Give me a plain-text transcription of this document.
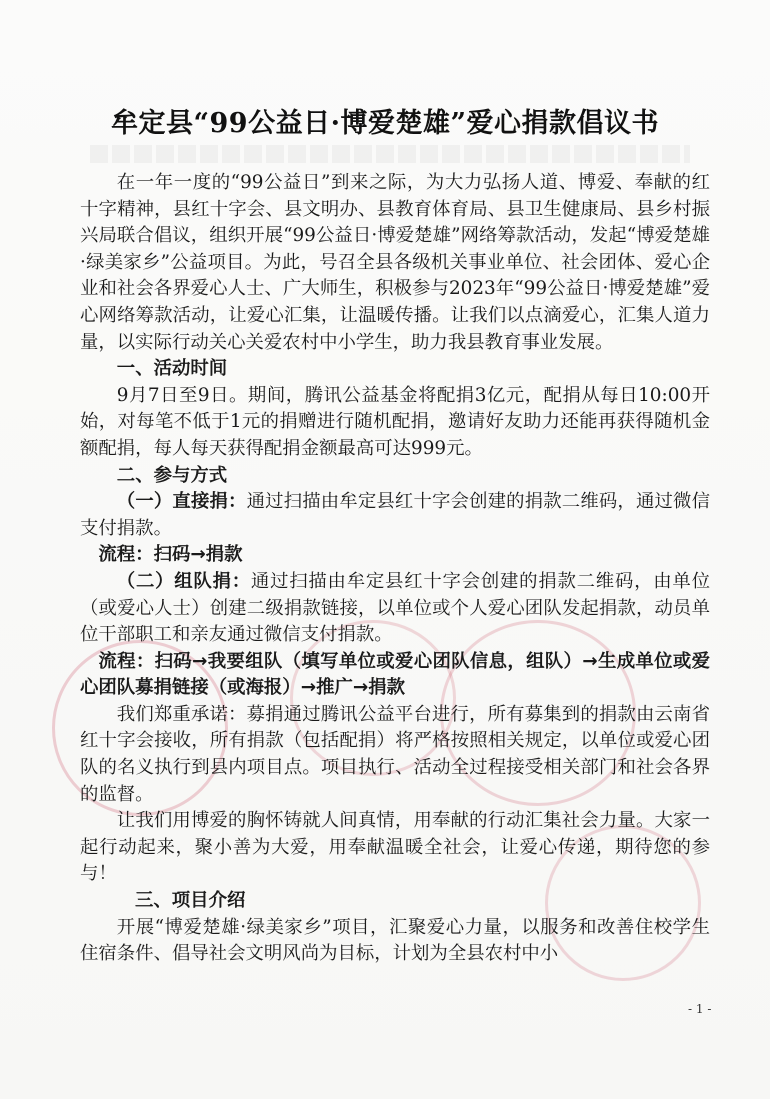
牟定县“99公益日·博爱楚雄”爱心捐款倡议书

在一年一度的“99公益日”到来之际，为大力弘扬人道、博爱、奉献的红十字精神，县红十字会、县文明办、县教育体育局、县卫生健康局、县乡村振兴局联合倡议，组织开展“99公益日·博爱楚雄”网络筹款活动，发起“博爱楚雄·绿美家乡”公益项目。为此，号召全县各级机关事业单位、社会团体、爱心企业和社会各界爱心人士、广大师生，积极参与2023年“99公益日·博爱楚雄”爱心网络筹款活动，让爱心汇集，让温暖传播。让我们以点滴爱心，汇集人道力量，以实际行动关心关爱农村中小学生，助力我县教育事业发展。

一、活动时间

9月7日至9日。期间，腾讯公益基金将配捐3亿元，配捐从每日10:00开始，对每笔不低于1元的捐赠进行随机配捐，邀请好友助力还能再获得随机金额配捐，每人每天获得配捐金额最高可达999元。

二、参与方式

（一）直接捐：通过扫描由牟定县红十字会创建的捐款二维码，通过微信支付捐款。

流程：扫码→捐款

（二）组队捐：通过扫描由牟定县红十字会创建的捐款二维码，由单位（或爱心人士）创建二级捐款链接，以单位或个人爱心团队发起捐款，动员单位干部职工和亲友通过微信支付捐款。

流程：扫码→我要组队（填写单位或爱心团队信息，组队）→生成单位或爱心团队募捐链接（或海报）→推广→捐款

我们郑重承诺：募捐通过腾讯公益平台进行，所有募集到的捐款由云南省红十字会接收，所有捐款（包括配捐）将严格按照相关规定，以单位或爱心团队的名义执行到县内项目点。项目执行、活动全过程接受相关部门和社会各界的监督。

让我们用博爱的胸怀铸就人间真情，用奉献的行动汇集社会力量。大家一起行动起来，聚小善为大爱，用奉献温暖全社会，让爱心传递，期待您的参与！

三、项目介绍

开展“博爱楚雄·绿美家乡”项目，汇聚爱心力量，以服务和改善住校学生住宿条件、倡导社会文明风尚为目标，计划为全县农村中小

- 1 -
